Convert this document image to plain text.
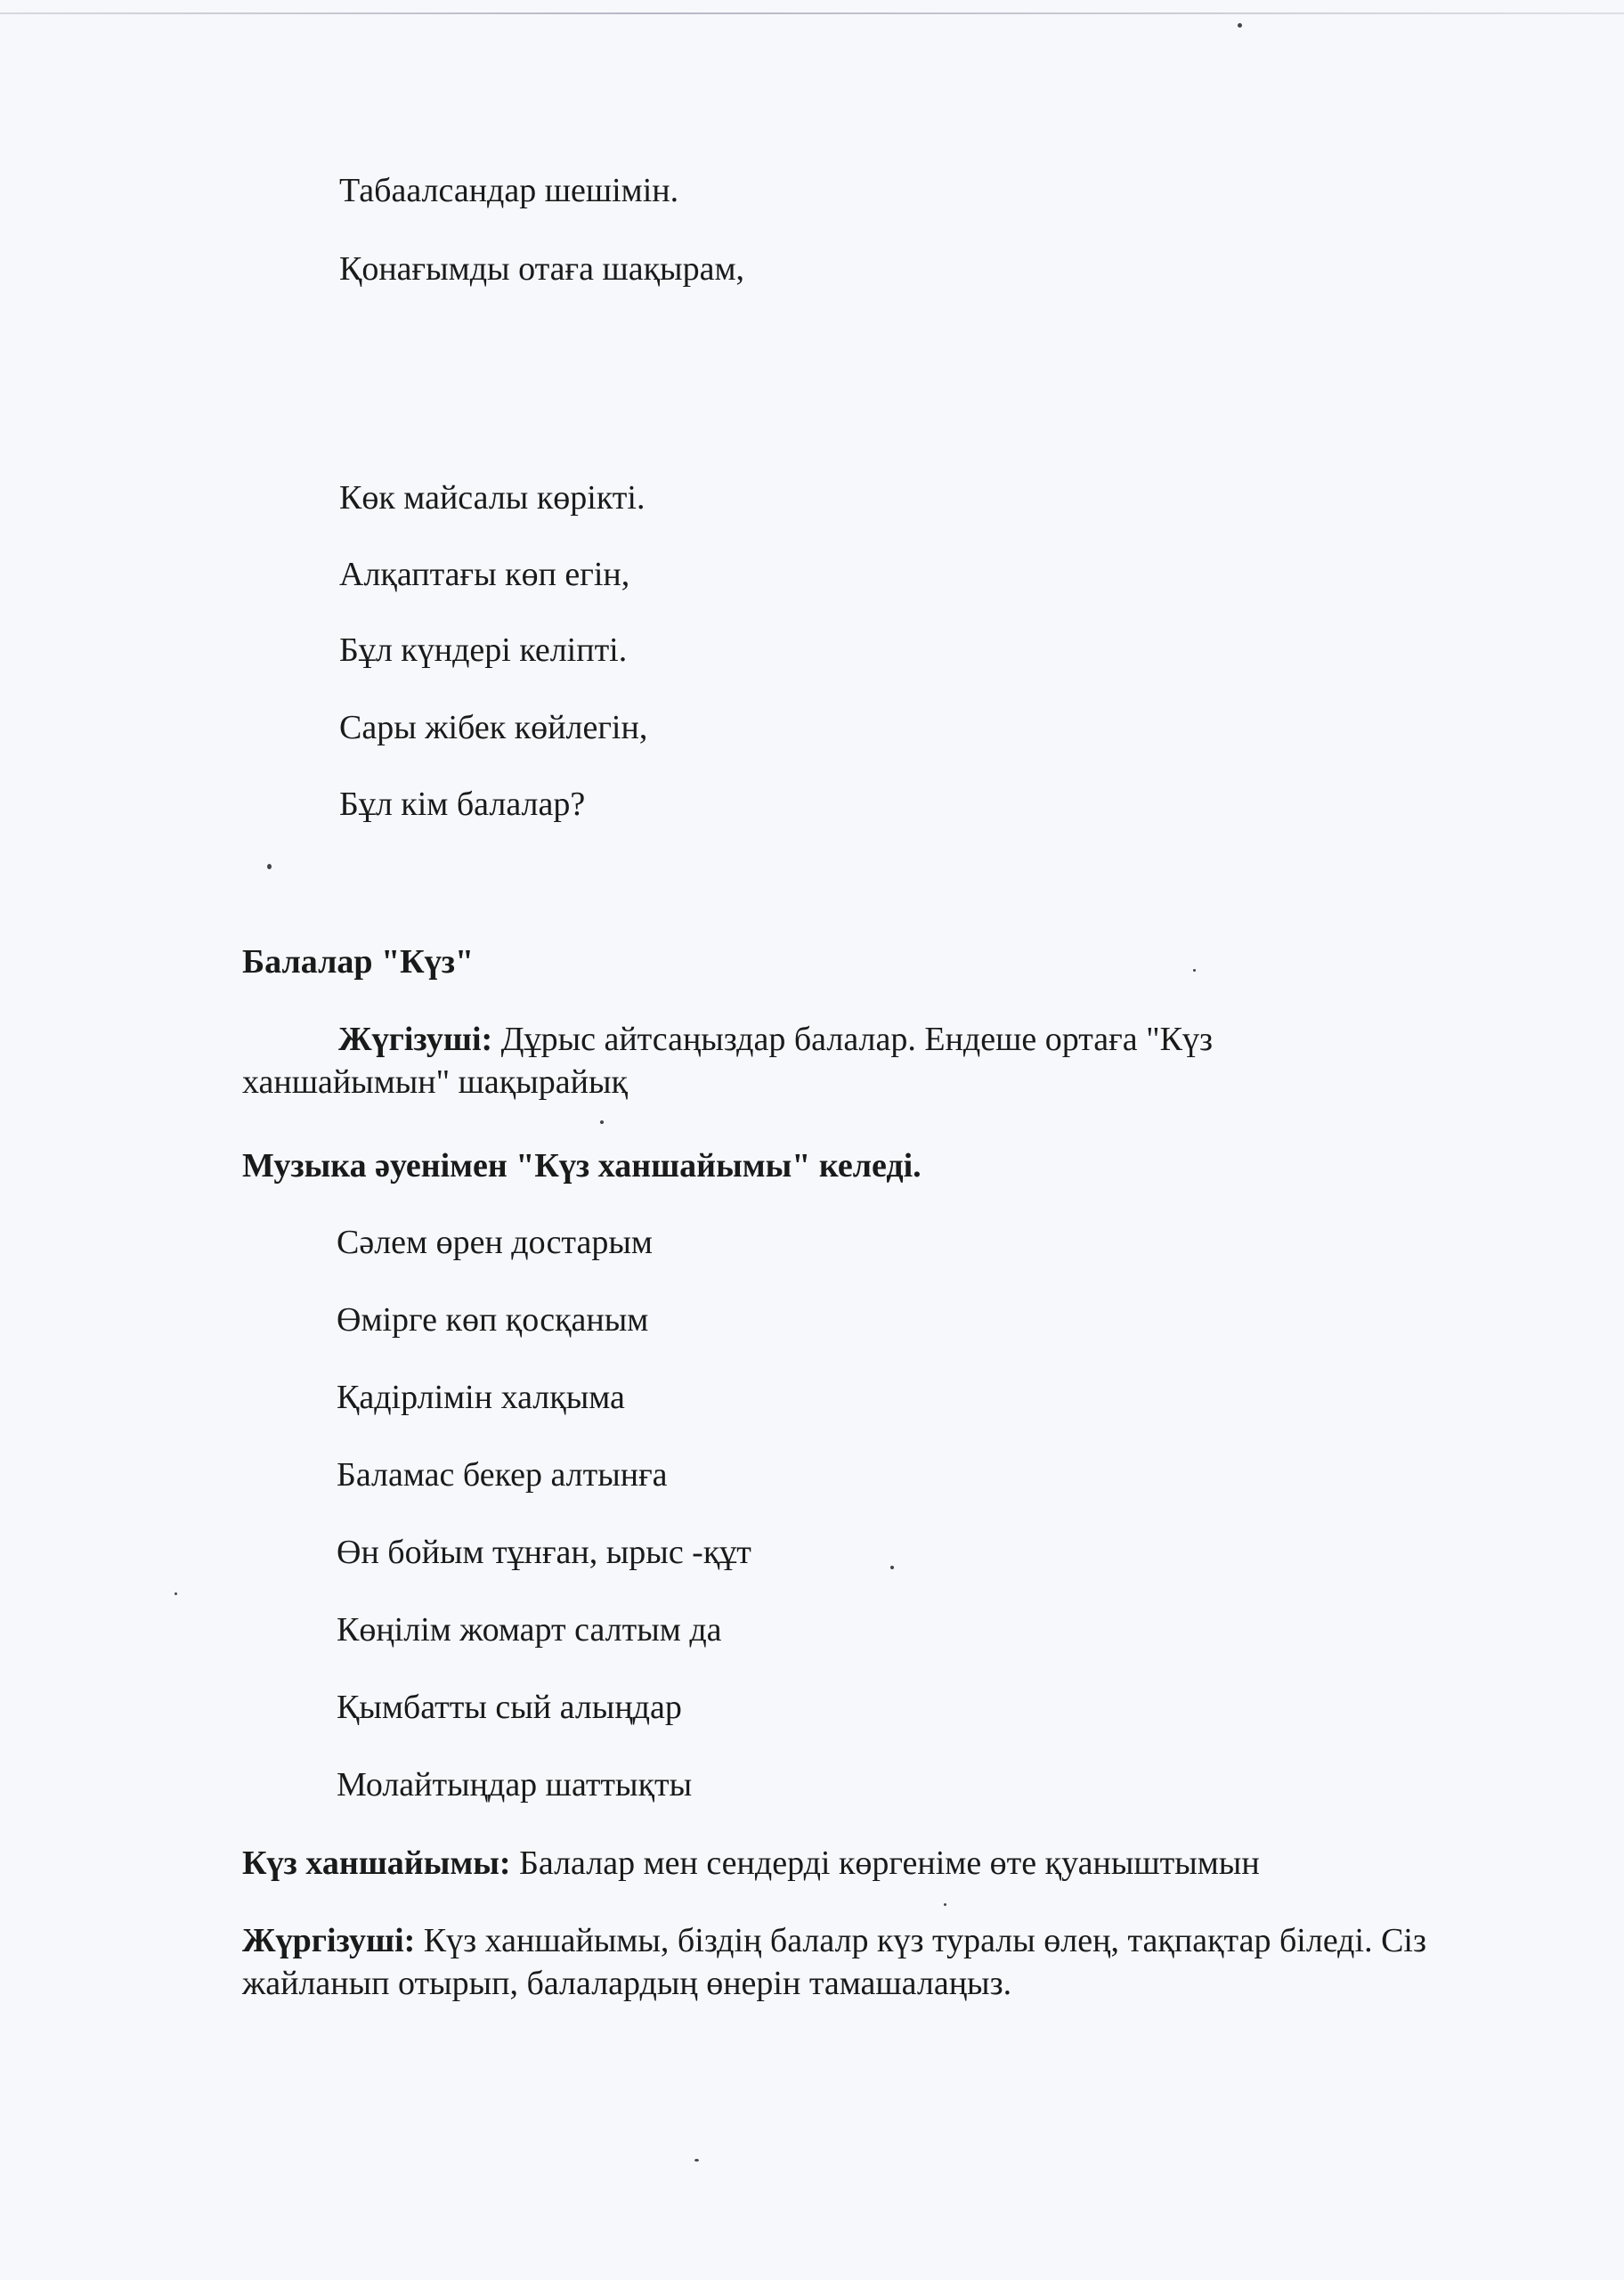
Табаалсандар шешімін.

Қонағымды отаға шақырам,

Көк майсалы көрікті.

Алқаптағы көп егін,

Бұл күндері келіпті.

Сары жібек көйлегін,

Бұл кім балалар?

Балалар "Күз"

Жүгізуші: Дұрыс айтсаңыздар балалар. Ендеше ортаға "Күз ханшайымын" шақырайық

Музыка әуенімен "Күз ханшайымы" келеді.

Сәлем өрен достарым

Өмірге көп қосқаным

Қадірлімін халқыма

Баламас бекер алтынға

Өн бойым тұнған, ырыс -құт

Көңілім жомарт салтым да

Қымбатты сый алыңдар

Молайтыңдар шаттықты

Күз ханшайымы: Балалар мен сендерді көргеніме өте қуаныштымын

Жүргізуші: Күз ханшайымы, біздің балалр күз туралы өлең, тақпақтар біледі. Сіз жайланып отырып, балалардың өнерін тамашалаңыз.
